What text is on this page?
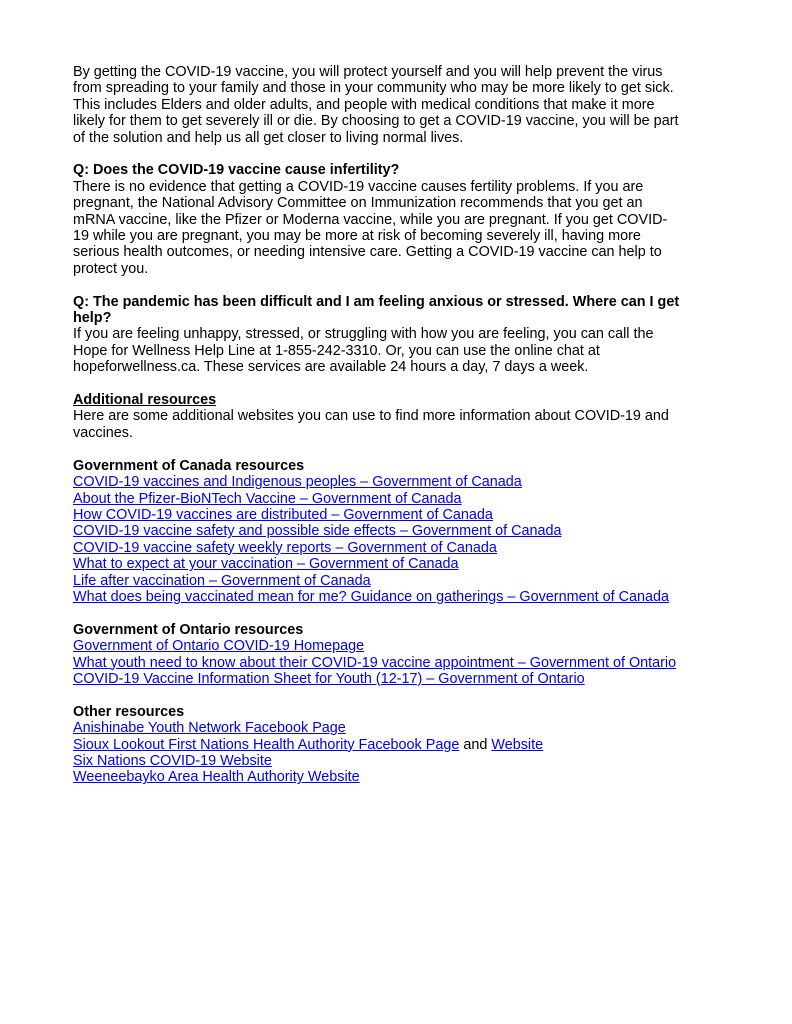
By getting the COVID-19 vaccine, you will protect yourself and you will help prevent the virus from spreading to your family and those in your community who may be more likely to get sick. This includes Elders and older adults, and people with medical conditions that make it more likely for them to get severely ill or die. By choosing to get a COVID-19 vaccine, you will be part of the solution and help us all get closer to living normal lives.

Q: Does the COVID-19 vaccine cause infertility?

There is no evidence that getting a COVID-19 vaccine causes fertility problems. If you are pregnant, the National Advisory Committee on Immunization recommends that you get an mRNA vaccine, like the Pfizer or Moderna vaccine, while you are pregnant. If you get COVID-19 while you are pregnant, you may be more at risk of becoming severely ill, having more serious health outcomes, or needing intensive care. Getting a COVID-19 vaccine can help to protect you.

Q: The pandemic has been difficult and I am feeling anxious or stressed. Where can I get help?

If you are feeling unhappy, stressed, or struggling with how you are feeling, you can call the Hope for Wellness Help Line at 1-855-242-3310. Or, you can use the online chat at hopeforwellness.ca. These services are available 24 hours a day, 7 days a week.

Additional resources

Here are some additional websites you can use to find more information about COVID-19 and vaccines.

Government of Canada resources

COVID-19 vaccines and Indigenous peoples – Government of Canada
About the Pfizer-BioNTech Vaccine – Government of Canada
How COVID-19 vaccines are distributed – Government of Canada
COVID-19 vaccine safety and possible side effects – Government of Canada
COVID-19 vaccine safety weekly reports – Government of Canada
What to expect at your vaccination – Government of Canada
Life after vaccination – Government of Canada
What does being vaccinated mean for me? Guidance on gatherings – Government of Canada

Government of Ontario resources

Government of Ontario COVID-19 Homepage
What youth need to know about their COVID-19 vaccine appointment – Government of Ontario
COVID-19 Vaccine Information Sheet for Youth (12-17) – Government of Ontario

Other resources

Anishinabe Youth Network Facebook Page
Sioux Lookout First Nations Health Authority Facebook Page and Website
Six Nations COVID-19 Website
Weeneebayko Area Health Authority Website
